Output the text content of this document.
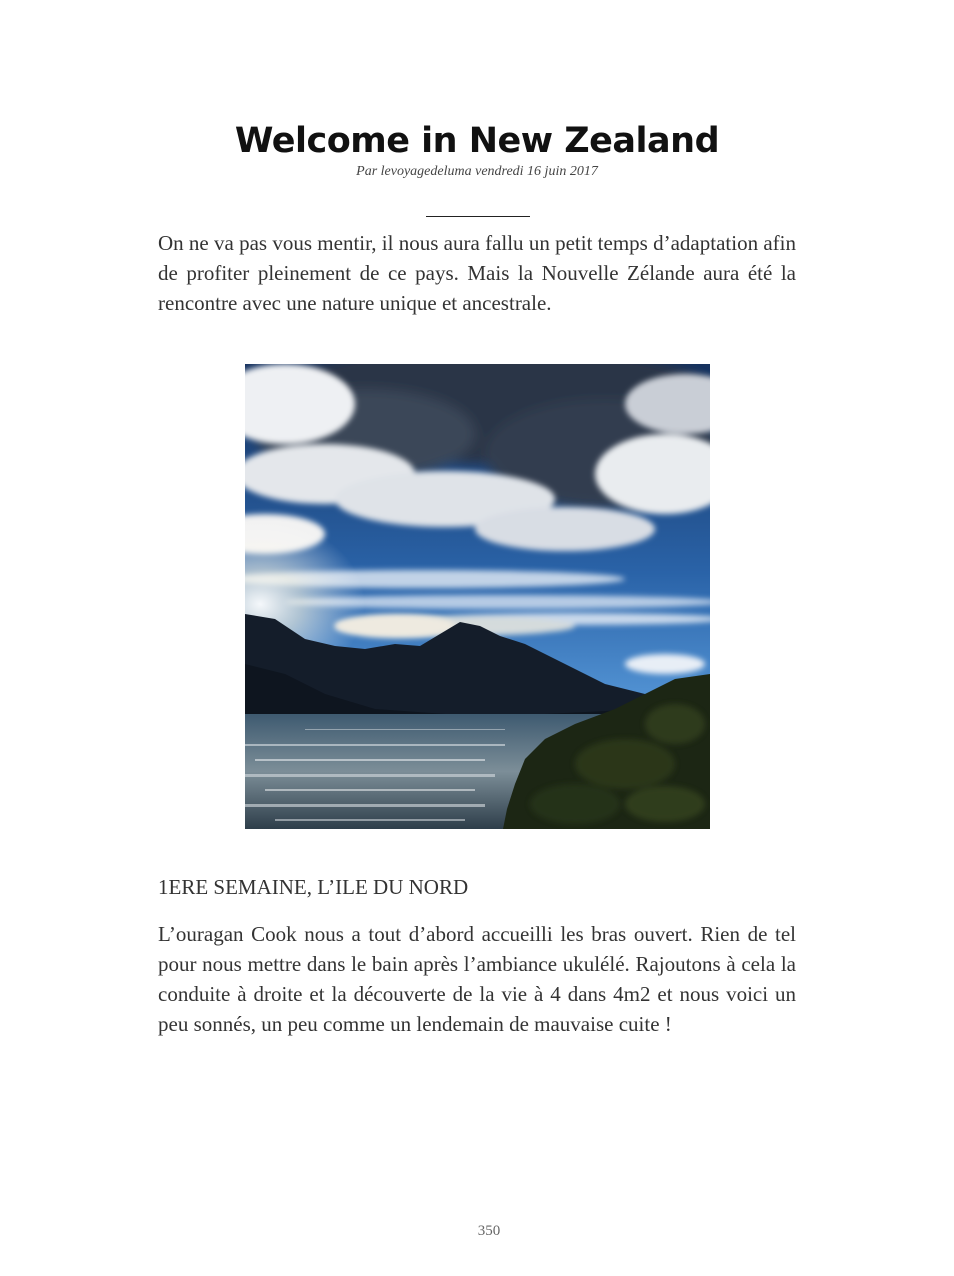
Welcome in New Zealand
Par levoyagedeluma vendredi 16 juin 2017

On ne va pas vous mentir, il nous aura fallu un petit temps d’adaptation afin de profiter pleinement de ce pays. Mais la Nouvelle Zélande aura été la rencontre avec une nature unique et ancestrale.

1ERE SEMAINE, L’ILE DU NORD

L’ouragan Cook nous a tout d’abord accueilli les bras ouvert. Rien de tel pour nous mettre dans le bain après l’ambiance ukulélé. Rajoutons à cela la conduite à droite et la découverte de la vie à 4 dans 4m2 et nous voici un peu sonnés, un peu comme un lendemain de mauvaise cuite !

350
